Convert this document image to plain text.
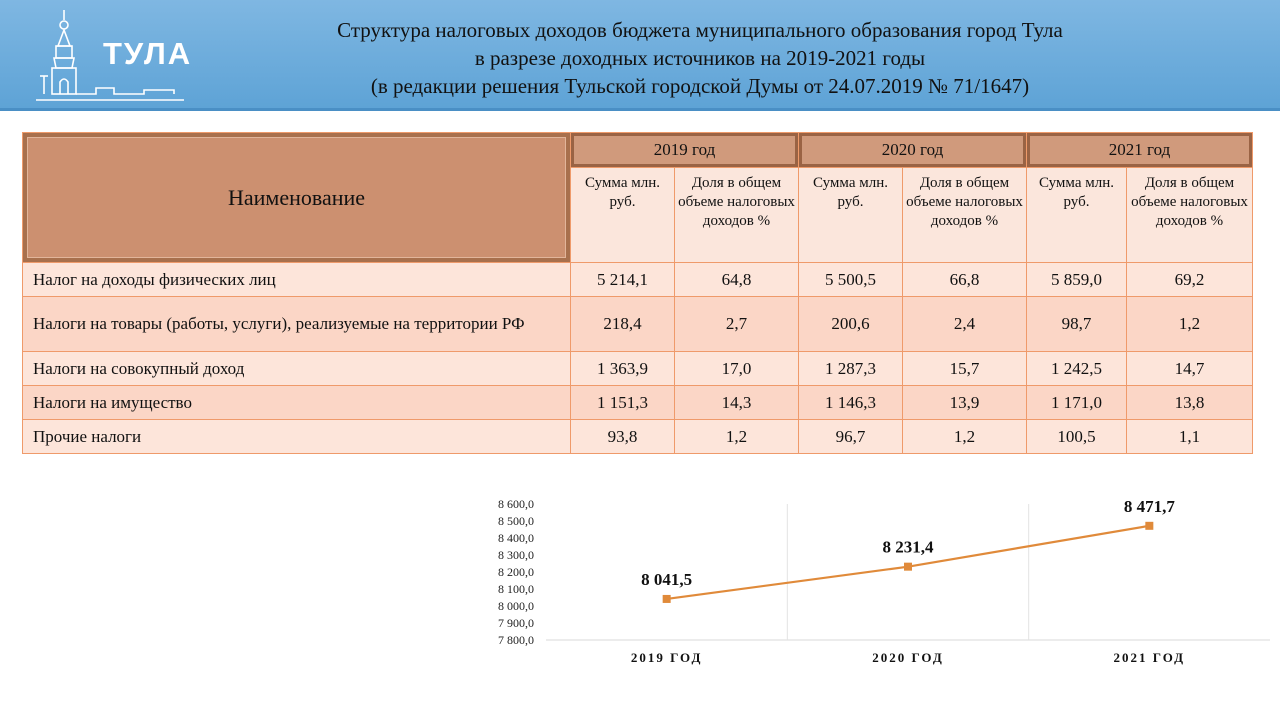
ТУЛА
Структура налоговых доходов бюджета муниципального образования город Тула
в разрезе доходных источников на 2019-2021 годы
(в редакции решения Тульской городской Думы от 24.07.2019 № 71/1647)
Наименование	2019 год		2020 год		2021 год	
	Сумма млн. руб.	Доля в общем объеме налоговых доходов %	Сумма млн. руб.	Доля в общем объеме налоговых доходов %	Сумма млн. руб.	Доля в общем объеме налоговых доходов %
Налог на доходы физических лиц	5 214,1	64,8	5 500,5	66,8	5 859,0	69,2
Налоги на товары (работы, услуги), реализуемые на территории РФ	218,4	2,7	200,6	2,4	98,7	1,2
Налоги на совокупный доход	1 363,9	17,0	1 287,3	15,7	1 242,5	14,7
Налоги на имущество	1 151,3	14,3	1 146,3	13,9	1 171,0	13,8
Прочие налоги	93,8	1,2	96,7	1,2	100,5	1,1
7 800,0
7 900,0
8 000,0
8 100,0
8 200,0
8 300,0
8 400,0
8 500,0
8 600,0
2019 ГОД	2020 ГОД	2021 ГОД
8 041,5
8 231,4
8 471,7
